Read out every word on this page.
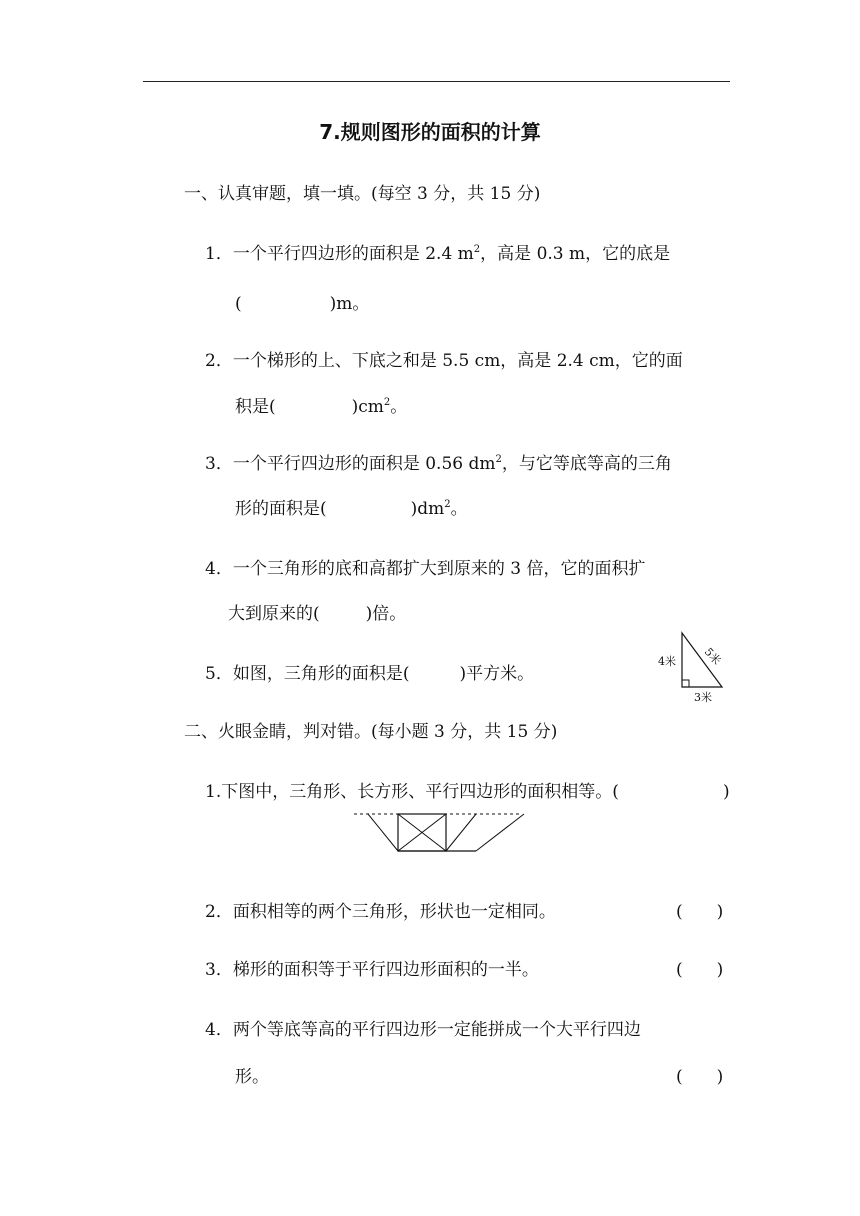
7.规则图形的面积的计算
一、认真审题，填一填。(每空 3 分，共 15 分)
1．一个平行四边形的面积是 2.4 $m^2$，高是 0.3 m，它的底是
(	)m。
2．一个梯形的上、下底之和是 5.5 cm，高是 2.4 cm，它的面
积是(	)$cm^2$。
3．一个平行四边形的面积是 0.56 $dm^2$，与它等底等高的三角
形的面积是(	)$dm^2$。
4．一个三角形的底和高都扩大到原来的 3 倍，它的面积扩
大到原来的(	)倍。
5．如图，三角形的面积是(	)平方米。
4米 5米
3米
二、火眼金睛，判对错。(每小题 3 分，共 15 分)
1.下图中，三角形、长方形、平行四边形的面积相等。(	)
2．面积相等的两个三角形，形状也一定相同。	(　　)
3．梯形的面积等于平行四边形面积的一半。	(　　)
4．两个等底等高的平行四边形一定能拼成一个大平行四边
形。	(　　)
